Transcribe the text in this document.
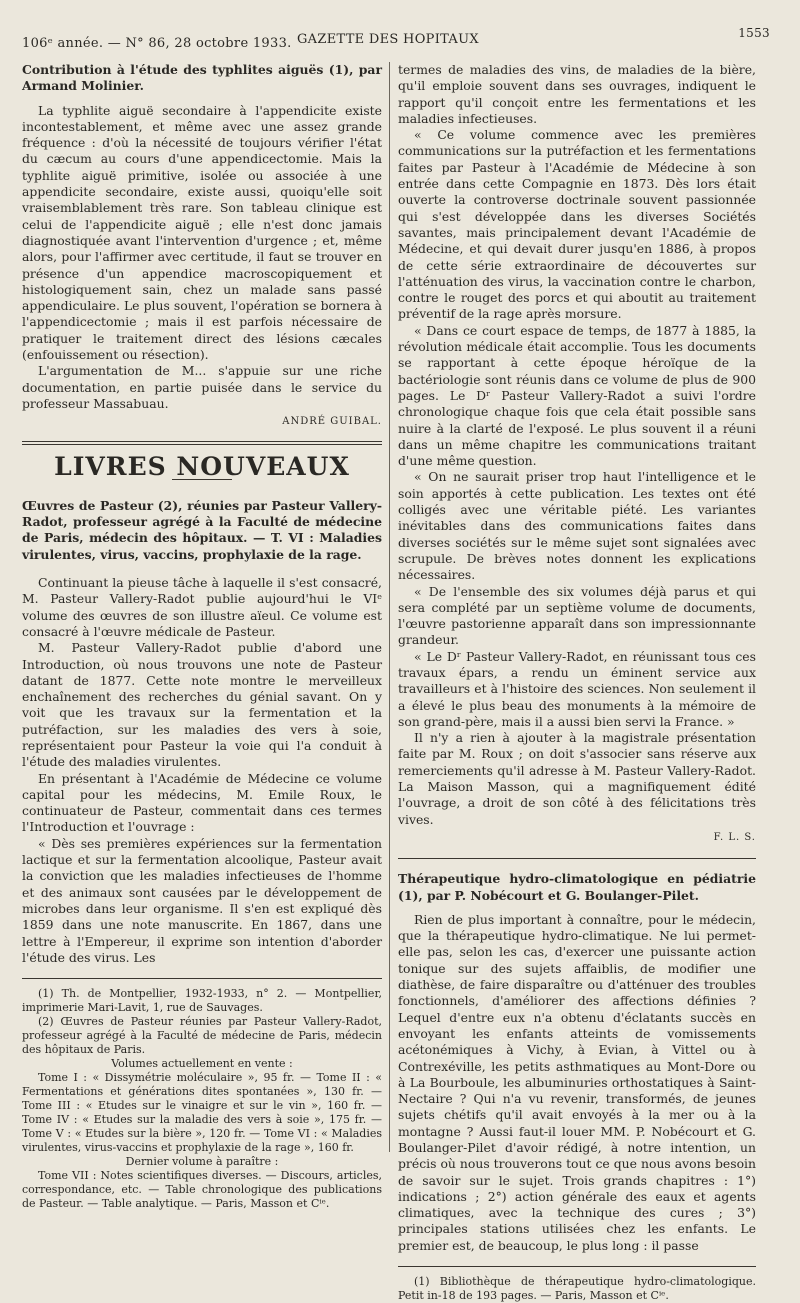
106ᵉ année. — N° 86, 28 octobre 1933. GAZETTE DES HOPITAUX	1553

Contribution à l'étude des typhlites aiguës (1), par Armand Molinier.

La typhlite aiguë secondaire à l'appendicite existe incontestablement, et même avec une assez grande fréquence : d'où la nécessité de toujours vérifier l'état du cæcum au cours d'une appendicectomie. Mais la typhlite aiguë primitive, isolée ou associée à une appendicite secondaire, existe aussi, quoiqu'elle soit vraisemblablement très rare. Son tableau clinique est celui de l'appendicite aiguë ; elle n'est donc jamais diagnostiquée avant l'intervention d'urgence ; et, même alors, pour l'affirmer avec certitude, il faut se trouver en présence d'un appendice macroscopiquement et histologiquement sain, chez un malade sans passé appendiculaire. Le plus souvent, l'opération se bornera à l'appendicectomie ; mais il est parfois nécessaire de pratiquer le traitement direct des lésions cæcales (enfouissement ou résection).

L'argumentation de M... s'appuie sur une riche documentation, en partie puisée dans le service du professeur Massabuau.

ANDRÉ GUIBAL.

LIVRES NOUVEAUX

Œuvres de Pasteur (2), réunies par Pasteur Vallery-Radot, professeur agrégé à la Faculté de médecine de Paris, médecin des hôpitaux. — T. VI : Maladies virulentes, virus, vaccins, prophylaxie de la rage.

Continuant la pieuse tâche à laquelle il s'est consacré, M. Pasteur Vallery-Radot publie aujourd'hui le VIᵉ volume des œuvres de son illustre aïeul. Ce volume est consacré à l'œuvre médicale de Pasteur.

M. Pasteur Vallery-Radot publie d'abord une Introduction, où nous trouvons une note de Pasteur datant de 1877. Cette note montre le merveilleux enchaînement des recherches du génial savant. On y voit que les travaux sur la fermentation et la putréfaction, sur les maladies des vers à soie, représentaient pour Pasteur la voie qui l'a conduit à l'étude des maladies virulentes.

En présentant à l'Académie de Médecine ce volume capital pour les médecins, M. Emile Roux, le continuateur de Pasteur, commentait dans ces termes l'Introduction et l'ouvrage :

« Dès ses premières expériences sur la fermentation lactique et sur la fermentation alcoolique, Pasteur avait la conviction que les maladies infectieuses de l'homme et des animaux sont causées par le développement de microbes dans leur organisme. Il s'en est expliqué dès 1859 dans une note manuscrite. En 1867, dans une lettre à l'Empereur, il exprime son intention d'aborder l'étude des virus. Les

(1) Th. de Montpellier, 1932-1933, n° 2. — Montpellier, imprimerie Mari-Lavit, 1, rue de Sauvages.

(2) Œuvres de Pasteur réunies par Pasteur Vallery-Radot, professeur agrégé à la Faculté de médecine de Paris, médecin des hôpitaux de Paris.

Volumes actuellement en vente :

Tome I : « Dissymétrie moléculaire », 95 fr. — Tome II : « Fermentations et générations dites spontanées », 130 fr. — Tome III : « Etudes sur le vinaigre et sur le vin », 160 fr. — Tome IV : « Etudes sur la maladie des vers à soie », 175 fr. — Tome V : « Etudes sur la bière », 120 fr. — Tome VI : « Maladies virulentes, virus-vaccins et prophylaxie de la rage », 160 fr.

Dernier volume à paraître :

Tome VII : Notes scientifiques diverses. — Discours, articles, correspondance, etc. — Table chronologique des publications de Pasteur. — Table analytique. — Paris, Masson et Cⁱᵉ.

termes de maladies des vins, de maladies de la bière, qu'il emploie souvent dans ses ouvrages, indiquent le rapport qu'il conçoit entre les fermentations et les maladies infectieuses.

« Ce volume commence avec les premières communications sur la putréfaction et les fermentations faites par Pasteur à l'Académie de Médecine à son entrée dans cette Compagnie en 1873. Dès lors était ouverte la controverse doctrinale souvent passionnée qui s'est développée dans les diverses Sociétés savantes, mais principalement devant l'Académie de Médecine, et qui devait durer jusqu'en 1886, à propos de cette série extraordinaire de découvertes sur l'atténuation des virus, la vaccination contre le charbon, contre le rouget des porcs et qui aboutit au traitement préventif de la rage après morsure.

« Dans ce court espace de temps, de 1877 à 1885, la révolution médicale était accomplie. Tous les documents se rapportant à cette époque héroïque de la bactériologie sont réunis dans ce volume de plus de 900 pages. Le Dʳ Pasteur Vallery-Radot a suivi l'ordre chronologique chaque fois que cela était possible sans nuire à la clarté de l'exposé. Le plus souvent il a réuni dans un même chapitre les communications traitant d'une même question.

« On ne saurait priser trop haut l'intelligence et le soin apportés à cette publication. Les textes ont été colligés avec une véritable piété. Les variantes inévitables dans des communications faites dans diverses sociétés sur le même sujet sont signalées avec scrupule. De brèves notes donnent les explications nécessaires.

« De l'ensemble des six volumes déjà parus et qui sera complété par un septième volume de documents, l'œuvre pastorienne apparaît dans son impressionnante grandeur.

« Le Dʳ Pasteur Vallery-Radot, en réunissant tous ces travaux épars, a rendu un éminent service aux travailleurs et à l'histoire des sciences. Non seulement il a élevé le plus beau des monuments à la mémoire de son grand-père, mais il a aussi bien servi la France. »

Il n'y a rien à ajouter à la magistrale présentation faite par M. Roux ; on doit s'associer sans réserve aux remerciements qu'il adresse à M. Pasteur Vallery-Radot. La Maison Masson, qui a magnifiquement édité l'ouvrage, a droit de son côté à des félicitations très vives.

F. L. S.

Thérapeutique hydro-climatologique en pédiatrie (1), par P. Nobécourt et G. Boulanger-Pilet.

Rien de plus important à connaître, pour le médecin, que la thérapeutique hydro-climatique. Ne lui permet-elle pas, selon les cas, d'exercer une puissante action tonique sur des sujets affaiblis, de modifier une diathèse, de faire disparaître ou d'atténuer des troubles fonctionnels, d'améliorer des affections définies ? Lequel d'entre eux n'a obtenu d'éclatants succès en envoyant les enfants atteints de vomissements acétonémiques à Vichy, à Evian, à Vittel ou à Contrexéville, les petits asthmatiques au Mont-Dore ou à La Bourboule, les albuminuries orthostatiques à Saint-Nectaire ? Qui n'a vu revenir, transformés, de jeunes sujets chétifs qu'il avait envoyés à la mer ou à la montagne ? Aussi faut-il louer MM. P. Nobécourt et G. Boulanger-Pilet d'avoir rédigé, à notre intention, un précis où nous trouverons tout ce que nous avons besoin de savoir sur le sujet. Trois grands chapitres : 1°) indications ; 2°) action générale des eaux et agents climatiques, avec la technique des cures ; 3°) principales stations utilisées chez les enfants. Le premier est, de beaucoup, le plus long : il passe

(1) Bibliothèque de thérapeutique hydro-climatologique. Petit in-18 de 193 pages. — Paris, Masson et Cⁱᵉ.
